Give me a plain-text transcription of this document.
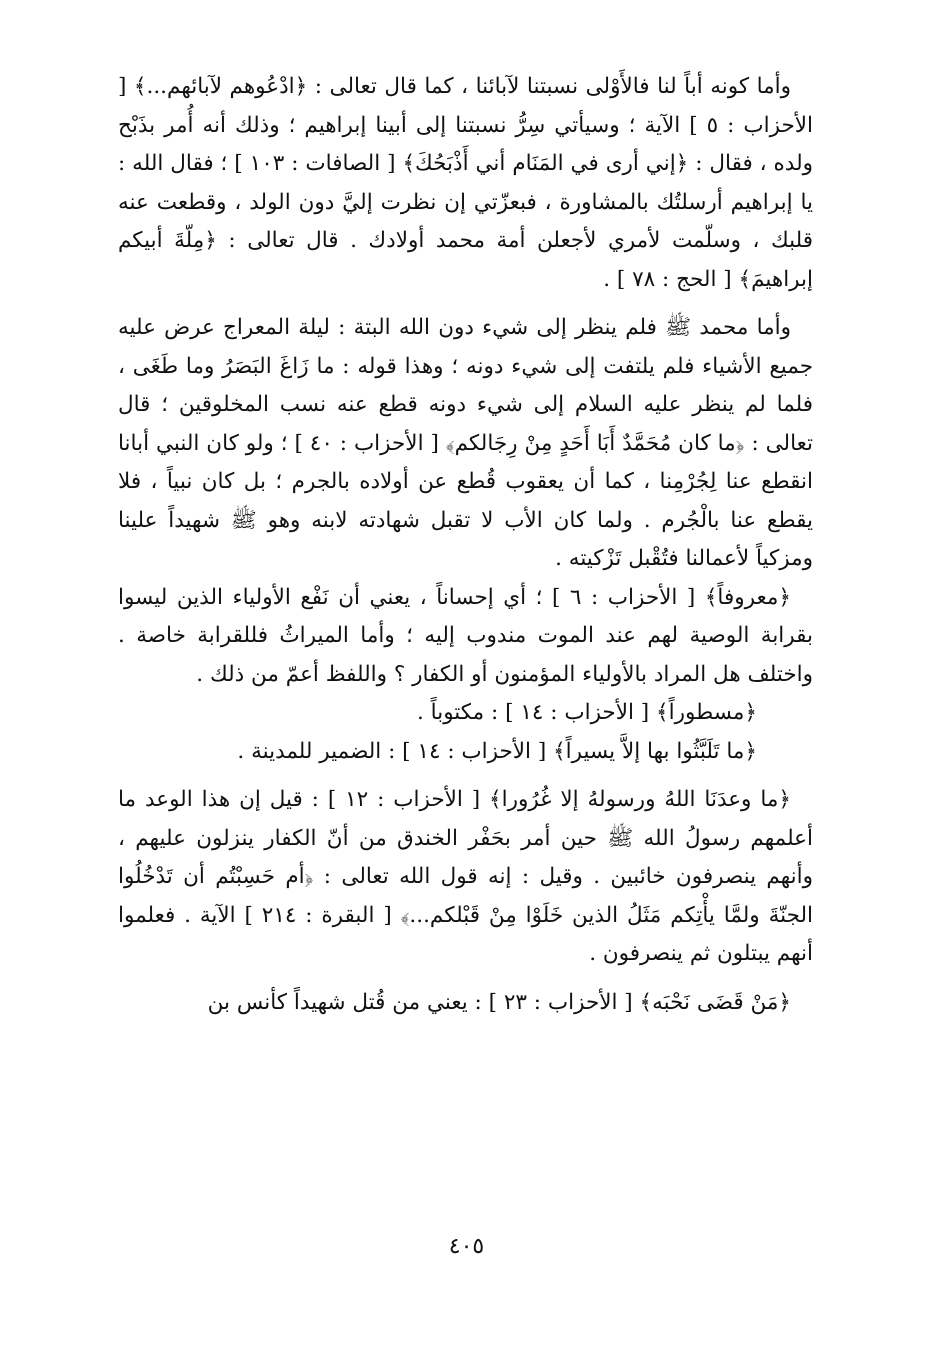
وأما كونه أباً لنا فالأَوْلى نسبتنا لآبائنا ، كما قال تعالى : ﴿ادْعُوهم لآبائهم...﴾ [ الأحزاب : ٥ ] الآية ؛ وسيأتي سِرُّ نسبتنا إلى أبينا إبراهيم ؛ وذلك أنه أُمر بذَبْح ولده ، فقال : ﴿إني أرى في المَنَام أني أَذْبَحُكَ﴾ [ الصافات : ١٠٣ ] ؛ فقال الله : يا إبراهيم أرسلتُك بالمشاورة ، فبعزّتي إن نظرت إليَّ دون الولد ، وقطعت عنه قلبك ، وسلّمت لأمري لأجعلن أمة محمد أولادك . قال تعالى : ﴿مِلّةَ أبيكم إبراهيمَ﴾ [ الحج : ٧٨ ] .

وأما محمد ﷺ فلم ينظر إلى شيء دون الله البتة : ليلة المعراج عرض عليه جميع الأشياء فلم يلتفت إلى شيء دونه ؛ وهذا قوله : ما زَاغَ البَصَرُ وما طَغَى ، فلما لم ينظر عليه السلام إلى شيء دونه قطع عنه نسب المخلوقين ؛ قال تعالى : ﴿ما كان مُحَمَّدٌ أَبَا أَحَدٍ مِنْ رِجَالكم﴾ [ الأحزاب : ٤٠ ] ؛ ولو كان النبي أبانا انقطع عنا لِجُرْمِنا ، كما أن يعقوب قُطع عن أولاده بالجرم ؛ بل كان نبياً ، فلا يقطع عنا بالْجُرم . ولما كان الأب لا تقبل شهادته لابنه وهو ﷺ شهيداً علينا ومزكياً لأعمالنا فتُقْبل تَزْكيته .

﴿معروفاً﴾ [ الأحزاب : ٦ ] ؛ أي إحساناً ، يعني أن نَفْع الأولياء الذين ليسوا بقرابة الوصية لهم عند الموت مندوب إليه ؛ وأما الميراثُ فللقرابة خاصة . واختلف هل المراد بالأولياء المؤمنون أو الكفار ؟ واللفظ أعمّ من ذلك .

﴿مسطوراً﴾ [ الأحزاب : ١٤ ] : مكتوباً .

﴿ما تَلَبَّثُوا بها إلاَّ يسيراً﴾ [ الأحزاب : ١٤ ] : الضمير للمدينة .

﴿ما وعدَنَا اللهُ ورسولهُ إلا غُرُورا﴾ [ الأحزاب : ١٢ ] : قيل إن هذا الوعد ما أعلمهم رسولُ الله ﷺ حين أمر بحَفْر الخندق من أنّ الكفار ينزلون عليهم ، وأنهم ينصرفون خائبين . وقيل : إنه قول الله تعالى : ﴿أم حَسِبْتُم أن تَدْخُلُوا الجنّةَ ولمَّا يأْتِكم مَثَلُ الذين خَلَوْا مِنْ قَبْلكم...﴾ [ البقرة : ٢١٤ ] الآية . فعلموا أنهم يبتلون ثم ينصرفون .

﴿مَنْ قَضَى نَحْبَه﴾ [ الأحزاب : ٢٣ ] : يعني من قُتل شهيداً كأنس بن

٤٠٥
